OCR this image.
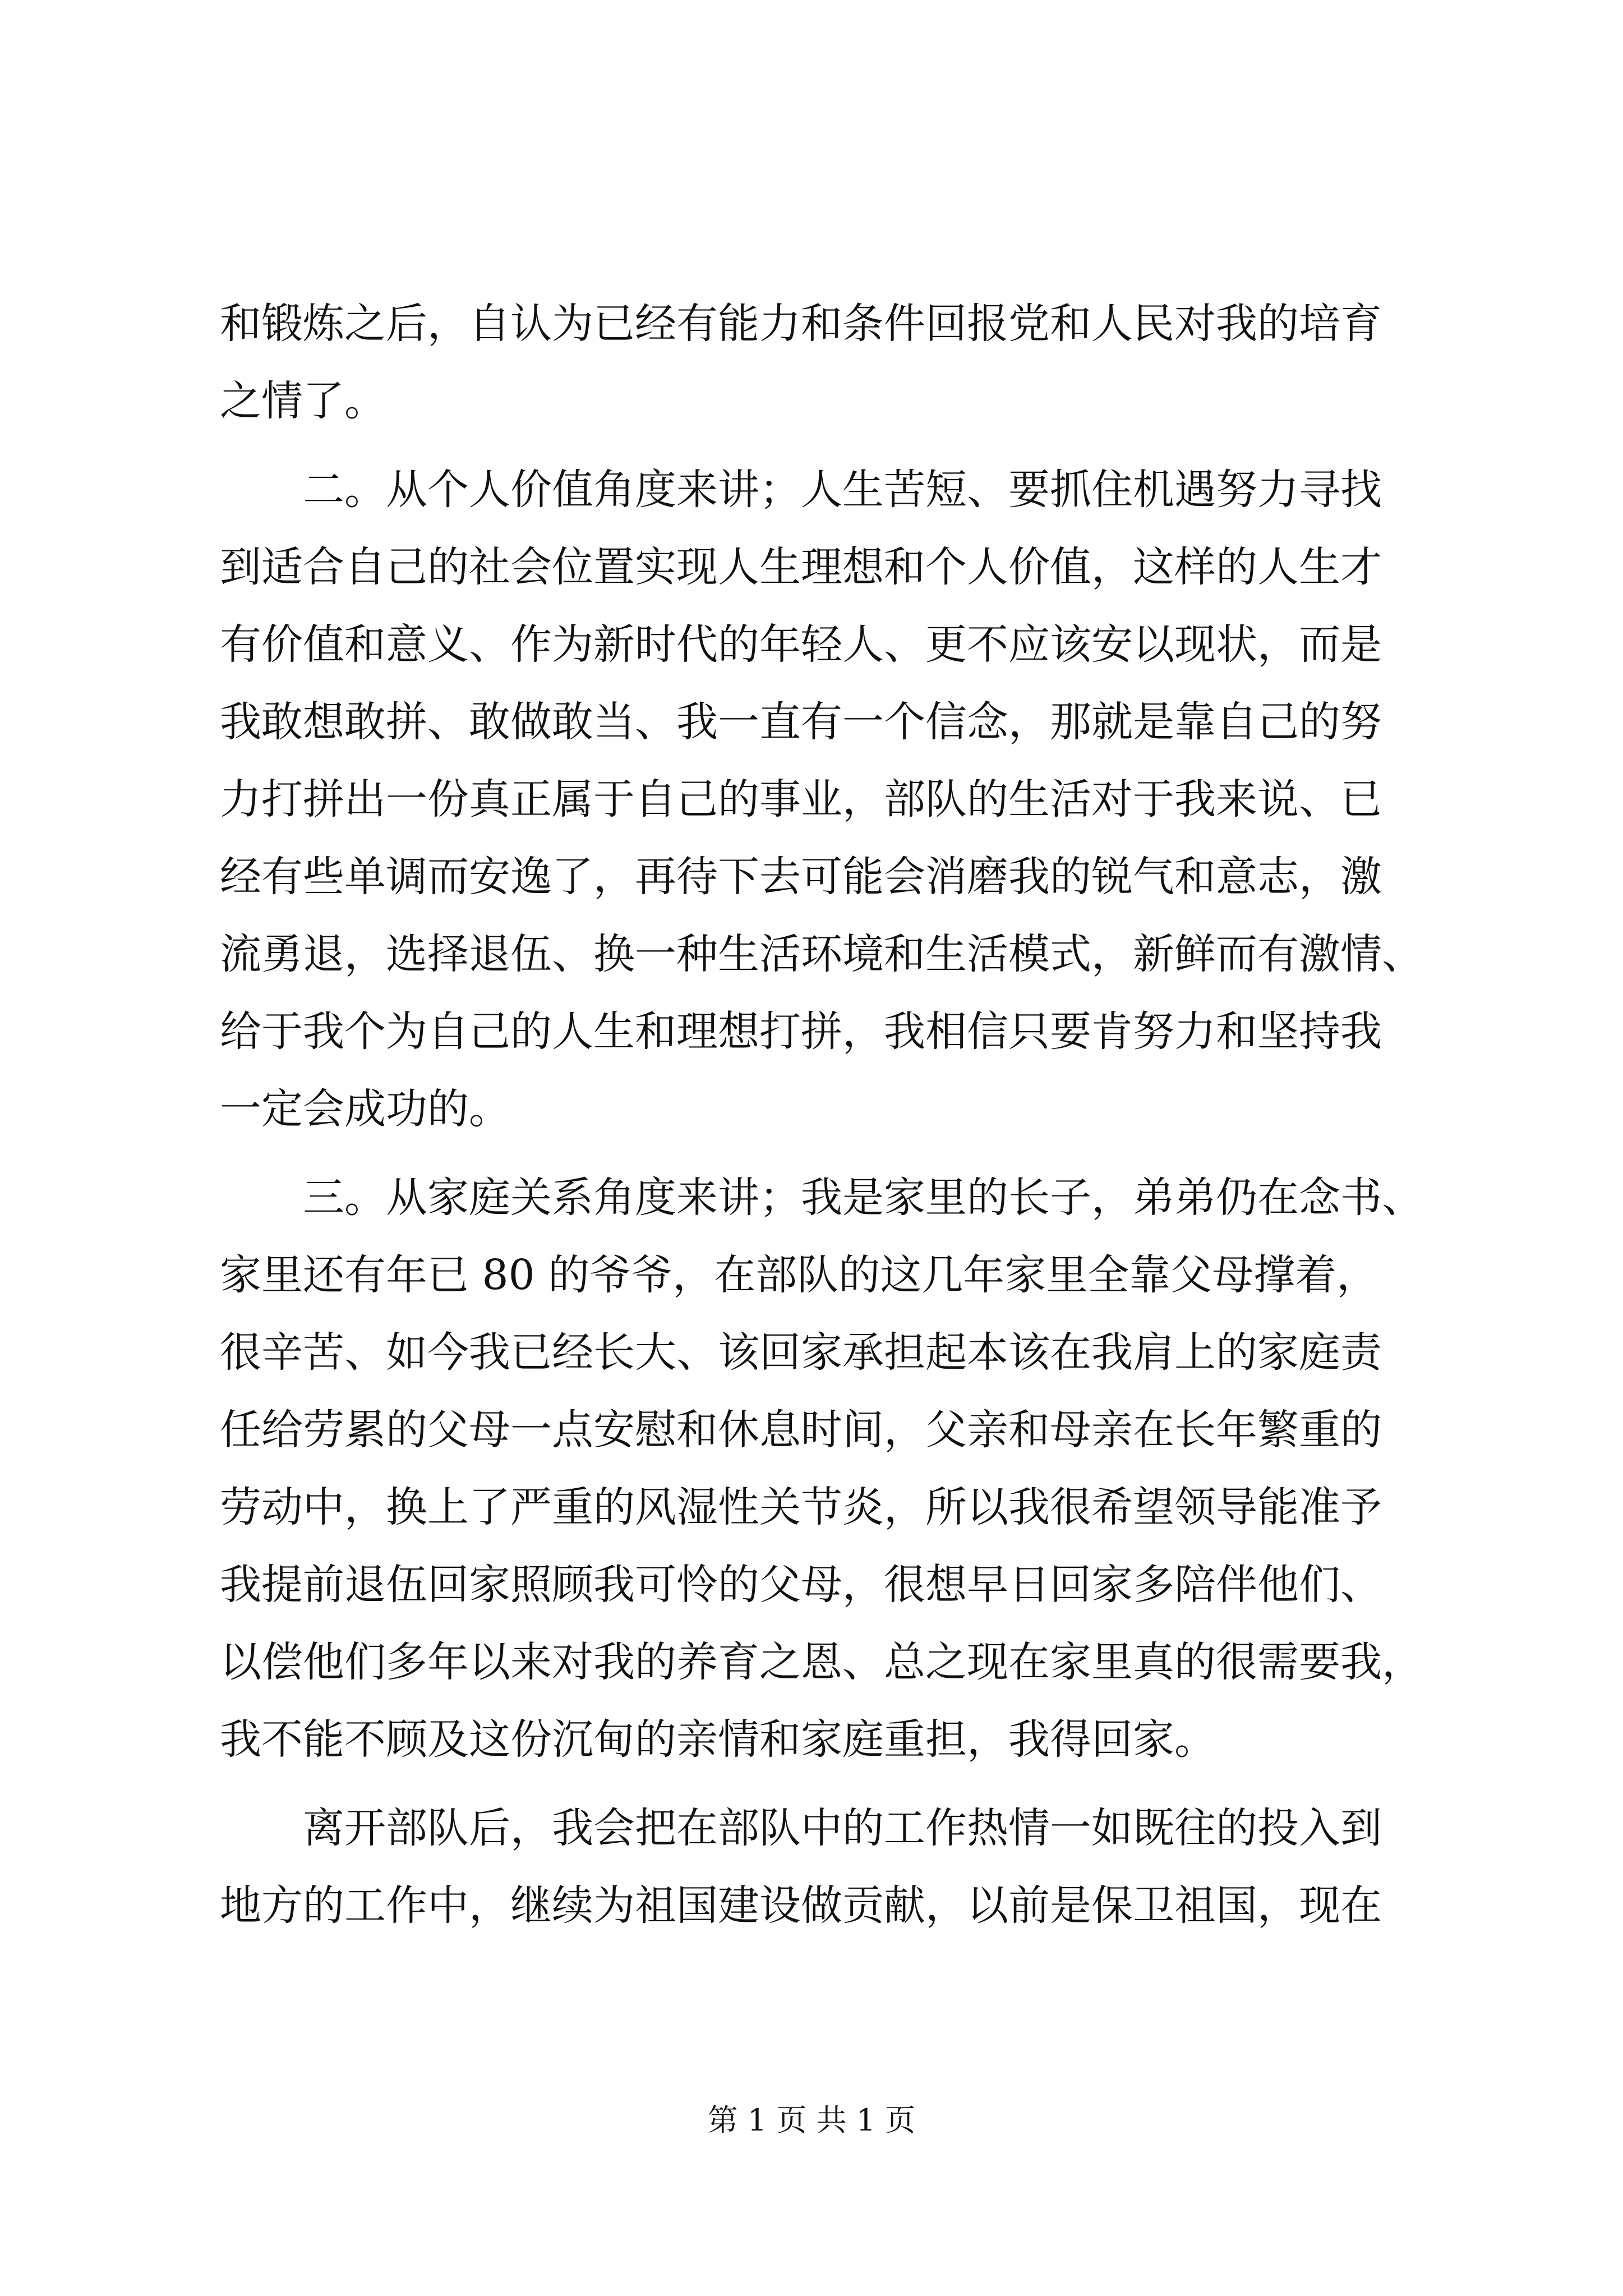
和锻炼之后，自认为已经有能力和条件回报党和人民对我的培育
之情了。
二。从个人价值角度来讲；人生苦短、要抓住机遇努力寻找
到适合自己的社会位置实现人生理想和个人价值，这样的人生才
有价值和意义、作为新时代的年轻人、更不应该安以现状，而是
我敢想敢拼、敢做敢当、我一直有一个信念，那就是靠自己的努
力打拼出一份真正属于自己的事业，部队的生活对于我来说、已
经有些单调而安逸了，再待下去可能会消磨我的锐气和意志，激
流勇退，选择退伍、换一种生活环境和生活模式，新鲜而有激情、
给于我个为自己的人生和理想打拼，我相信只要肯努力和坚持我
一定会成功的。
三。从家庭关系角度来讲；我是家里的长子，弟弟仍在念书、
家里还有年已 80 的爷爷，在部队的这几年家里全靠父母撑着，
很辛苦、如今我已经长大、该回家承担起本该在我肩上的家庭责
任给劳累的父母一点安慰和休息时间，父亲和母亲在长年繁重的
劳动中，换上了严重的风湿性关节炎，所以我很希望领导能准予
我提前退伍回家照顾我可怜的父母，很想早日回家多陪伴他们、
以偿他们多年以来对我的养育之恩、总之现在家里真的很需要我，
我不能不顾及这份沉甸的亲情和家庭重担，我得回家。
离开部队后，我会把在部队中的工作热情一如既往的投入到
地方的工作中，继续为祖国建设做贡献，以前是保卫祖国，现在
第 1 页 共 1 页
